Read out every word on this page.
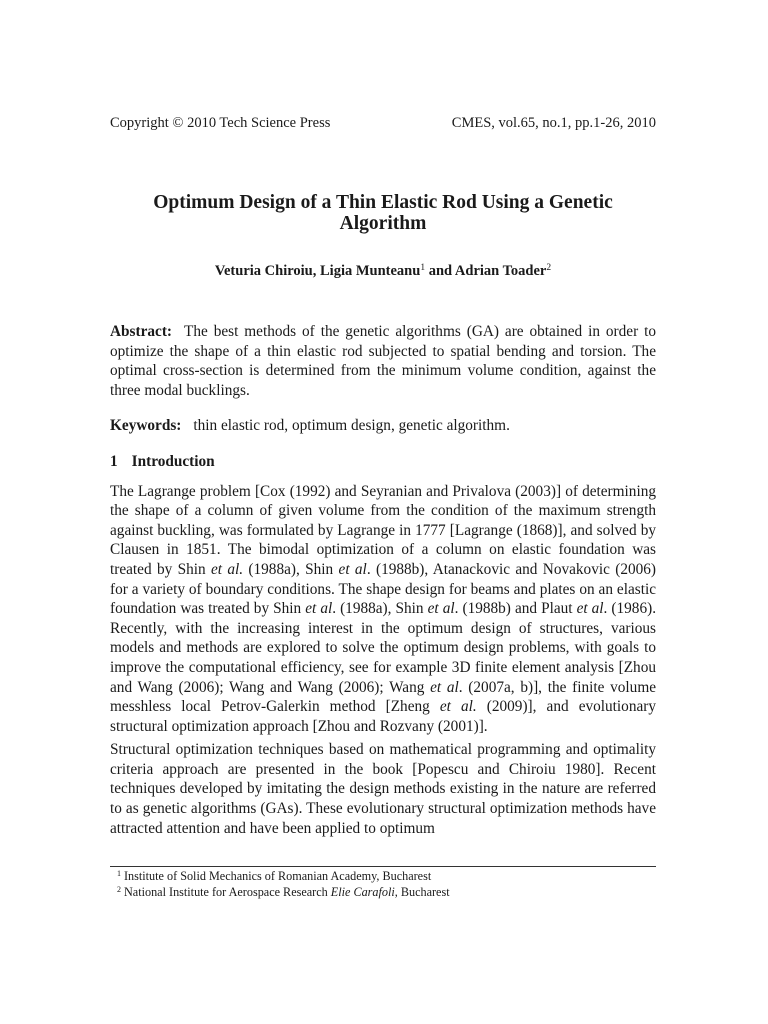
Copyright © 2010 Tech Science Press	CMES, vol.65, no.1, pp.1-26, 2010
Optimum Design of a Thin Elastic Rod Using a Genetic Algorithm
Veturia Chiroiu, Ligia Munteanu$^1$ and Adrian Toader$^2$

Abstract: The best methods of the genetic algorithms (GA) are obtained in order to optimize the shape of a thin elastic rod subjected to spatial bending and torsion. The optimal cross-section is determined from the minimum volume condition, against the three modal bucklings.

Keywords: thin elastic rod, optimum design, genetic algorithm.

1 Introduction

The Lagrange problem [Cox (1992) and Seyranian and Privalova (2003)] of determining the shape of a column of given volume from the condition of the maximum strength against buckling, was formulated by Lagrange in 1777 [Lagrange (1868)], and solved by Clausen in 1851. The bimodal optimization of a column on elastic foundation was treated by Shin et al. (1988a), Shin et al. (1988b), Atanackovic and Novakovic (2006) for a variety of boundary conditions. The shape design for beams and plates on an elastic foundation was treated by Shin et al. (1988a), Shin et al. (1988b) and Plaut et al. (1986). Recently, with the increasing interest in the optimum design of structures, various models and methods are explored to solve the optimum design problems, with goals to improve the computational efficiency, see for example 3D finite element analysis [Zhou and Wang (2006); Wang and Wang (2006); Wang et al. (2007a, b)], the finite volume messhless local Petrov-Galerkin method [Zheng et al. (2009)], and evolutionary structural optimization approach [Zhou and Rozvany (2001)].

Structural optimization techniques based on mathematical programming and optimality criteria approach are presented in the book [Popescu and Chiroiu 1980]. Recent techniques developed by imitating the design methods existing in the nature are referred to as genetic algorithms (GAs). These evolutionary structural optimization methods have attracted attention and have been applied to optimum

$^1$ Institute of Solid Mechanics of Romanian Academy, Bucharest
$^2$ National Institute for Aerospace Research Elie Carafoli, Bucharest
